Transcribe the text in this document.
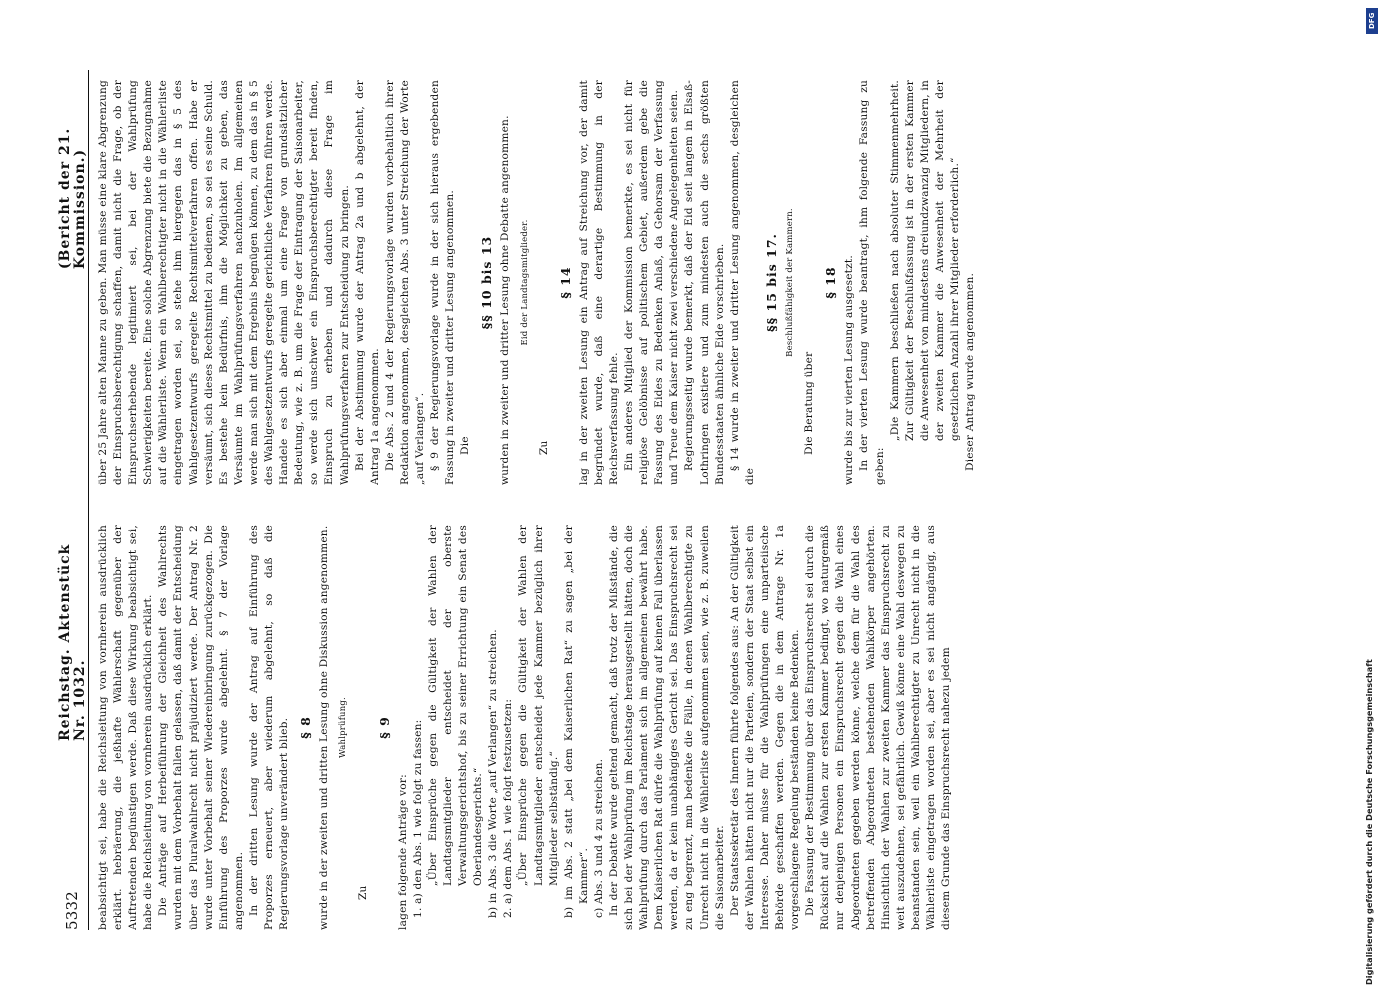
5332
Reichstag. Aktenstück Nr. 1032.
(Bericht der 21. Kommission.)

beabsichtigt sei, habe die Reichsleitung von vornherein ausdrücklich erklärt. hebräerung, die jeßhafte Wählerschaft gegenüber der Auftretenden begünstigen werde. Daß diese Wirkung beabsichtigt sei, habe die Reichsleitung von vornherein ausdrücklich erklärt. Die Anträge auf Herbeiführung der Gleichheit des Wahlrechts wurden mit dem Vorbehalt fallen gelassen, daß damit der Entscheidung über das Pluralwahlrecht nicht präjudiziert werde. Der Antrag Nr. 2 wurde unter Vorbehalt seiner Wiedereinbringung zurückgezogen. Die Einführung des Proporzes wurde abgelehnt. § 7 der Vorlage angenommen. In der dritten Lesung wurde der Antrag auf Einführung des Proporzes erneuert, aber wiederum abgelehnt, so daß die Regierungsvorlage unverändert blieb. § 8 wurde in der zweiten und dritten Lesung ohne Diskussion angenommen. Wahlprüfung.

Zu

§ 9

lagen folgende Anträge vor: 1. a) den Abs. 1 wie folgt zu fassen: „Über Einsprüche gegen die Gültigkeit der Wahlen der Landtagsmitglieder entscheidet der oberste Verwaltungsgerichtshof, bis zu seiner Errichtung ein Senat des Oberlandesgerichts.“ b) in Abs. 3 die Worte „auf Verlangen“ zu streichen. 2. a) dem Abs. 1 wie folgt festzusetzen: „Über Einsprüche gegen die Gültigkeit der Wahlen der Landtagsmitglieder entscheidet jede Kammer bezüglich ihrer Mitglieder selbständig.“ b) im Abs. 2 statt „bei dem Kaiserlichen Rat“ zu sagen „bei der Kammer“. c) Abs. 3 und 4 zu streichen. In der Debatte wurde geltend gemacht, daß trotz der Mißstände, die sich bei der Wahlprüfung im Reichstage herausgestellt hätten, doch die Wahlprüfung durch das Parlament sich im allgemeinen bewährt habe. Dem Kaiserlichen Rat dürfe die Wahlprüfung auf keinen Fall überlassen werden, da er kein unabhängiges Gericht sei. Das Einspruchsrecht sei zu eng begrenzt, man bedenke die Fälle, in denen Wahlberechtigte zu Unrecht nicht in die Wählerliste aufgenommen seien, wie z. B. zuweilen die Saisonarbeiter. Der Staatssekretär des Innern führte folgendes aus: An der Gültigkeit der Wahlen hätten nicht nur die Parteien, sondern der Staat selbst ein Interesse. Daher müsse für die Wahlprüfungen eine unparteiische Behörde geschaffen werden. Gegen die in dem Antrage Nr. 1a vorgeschlagene Regelung beständen keine Bedenken. Die Fassung der Bestimmung über das Einspruchsrecht sei durch die Rücksicht auf die Wahlen zur ersten Kammer bedingt, wo naturgemäß nur denjenigen Personen ein Einspruchsrecht gegen die Wahl eines Abgeordneten gegeben werden könne, welche dem für die Wahl des betreffenden Abgeordneten bestehenden Wahlkörper angehörten. Hinsichtlich der Wahlen zur zweiten Kammer das Einspruchsrecht zu weit auszudehnen, sei gefährlich. Gewiß könne eine Wahl deswegen zu beanstanden sein, weil ein Wahlberechtigter zu Unrecht nicht in die Wählerliste eingetragen worden sei, aber es sei nicht angängig, aus diesem Grunde das Einspruchsrecht nahezu jedem

über 25 Jahre alten Manne zu geben. Man müsse eine klare Abgrenzung der Einspruchsberechtigung schaffen, damit nicht die Frage, ob der Einspruchserhebende legitimiert sei, bei der Wahlprüfung Schwierigkeiten bereite. Eine solche Abgrenzung biete die Bezugnahme auf die Wählerliste. Wenn ein Wahlberechtigter nicht in die Wählerliste eingetragen worden sei, so stehe ihm hiergegen das in § 5 des Wahlgesetzentwurfs geregelte Rechtsmittelverfahren offen. Habe er versäumt, sich dieses Rechtsmittel zu bedienen, so sei es seine Schuld. Es bestehe kein Bedürfnis, ihm die Möglichkeit zu geben, das Versäumte im Wahlprüfungsverfahren nachzuholen. Im allgemeinen werde man sich mit dem Ergebnis begnügen können, zu dem das in § 5 des Wahlgesetzentwurfs geregelte gerichtliche Verfahren führen werde. Handele es sich aber einmal um eine Frage von grundsätzlicher Bedeutung, wie z. B. um die Frage der Eintragung der Saisonarbeiter, so werde sich unschwer ein Einspruchsberechtigter bereit finden, Einspruch zu erheben und dadurch diese Frage im Wahlprüfungsverfahren zur Entscheidung zu bringen. Bei der Abstimmung wurde der Antrag 2a und b abgelehnt, der Antrag 1a angenommen. Die Abs. 2 und 4 der Regierungsvorlage wurden vorbehaltlich ihrer Redaktion angenommen, desgleichen Abs. 3 unter Streichung der Worte „auf Verlangen“. § 9 der Regierungsvorlage wurde in der sich hieraus ergebenden Fassung in zweiter und dritter Lesung angenommen. Die

§§ 10 bis 13 wurden in zweiter und dritter Lesung ohne Debatte angenommen. Eid der Landtagsmitglieder.

Zu

§ 14 lag in der zweiten Lesung ein Antrag auf Streichung vor, der damit begründet wurde, daß eine derartige Bestimmung in der Reichsverfassung fehle. Ein anderes Mitglied der Kommission bemerkte, es sei nicht für religiöse Gelöbnisse auf politischem Gebiet, außerdem gebe die Fassung des Eides zu Bedenken Anlaß, da Gehorsam der Verfassung und Treue dem Kaiser nicht zwei verschiedene Angelegenheiten seien. Regierungsseitig wurde bemerkt, daß der Eid seit langem in Elsaß-Lothringen existiere und zum mindesten auch die sechs größten Bundesstaaten ähnliche Eide vorschrieben. § 14 wurde in zweiter und dritter Lesung angenommen, desgleichen die

§§ 15 bis 17. Beschlußfähigkeit der Kammern.

Die Beratung über

§ 18 wurde bis zur vierten Lesung ausgesetzt. In der vierten Lesung wurde beantragt, ihm folgende Fassung zu geben:

„Die Kammern beschließen nach absoluter Stimmenmehrheit. Zur Gültigkeit der Beschlußfassung ist in der ersten Kammer die Anwesenheit von mindestens dreiundzwanzig Mitgliedern, in der zweiten Kammer die Anwesenheit der Mehrheit der gesetzlichen Anzahl ihrer Mitglieder erforderlich.“ Dieser Antrag wurde angenommen.

DFG
Digitalisierung gefördert durch die Deutsche Forschungsgemeinschaft
